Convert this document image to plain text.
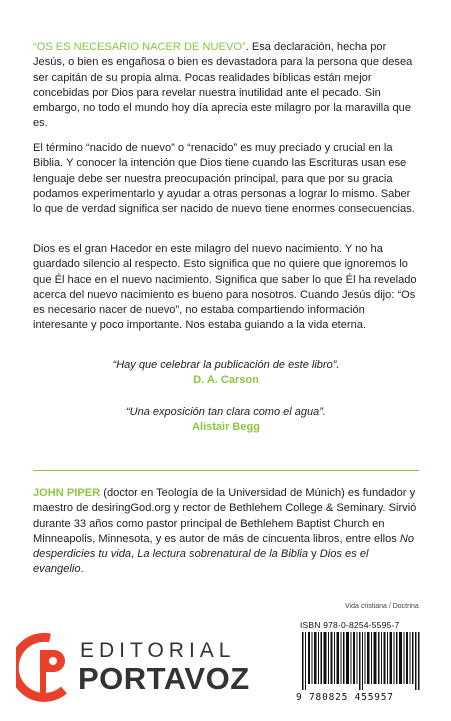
“OS ES NECESARIO NACER DE NUEVO”. Esa declaración, hecha por Jesús, o bien es engañosa o bien es devastadora para la persona que desea ser capitán de su propia alma. Pocas realidades bíblicas están mejor concebidas por Dios para revelar nuestra inutilidad ante el pecado. Sin embargo, no todo el mundo hoy día aprecia este milagro por la maravilla que es.

El término “nacido de nuevo” o “renacido” es muy preciado y crucial en la Biblia. Y conocer la intención que Dios tiene cuando las Escrituras usan ese lenguaje debe ser nuestra preocupación principal, para que por su gracia podamos experimentarlo y ayudar a otras personas a lograr lo mismo. Saber lo que de verdad significa ser nacido de nuevo tiene enormes consecuencias.

Dios es el gran Hacedor en este milagro del nuevo nacimiento. Y no ha guardado silencio al respecto. Esto significa que no quiere que ignoremos lo que Él hace en el nuevo nacimiento. Significa que saber lo que Él ha revelado acerca del nuevo nacimiento es bueno para nosotros. Cuando Jesús dijo: “Os es necesario nacer de nuevo”, no estaba compartiendo información interesante y poco importante. Nos estaba guiando a la vida eterna.

“Hay que celebrar la publicación de este libro”.
D. A. Carson
“Una exposición tan clara como el agua”.
Alistair Begg

JOHN PIPER (doctor en Teología de la Universidad de Múnich) es fundador y maestro de desiringGod.org y rector de Bethlehem College & Seminary. Sirvió durante 33 años como pastor principal de Bethlehem Baptist Church en Minneapolis, Minnesota, y es autor de más de cincuenta libros, entre ellos No desperdicies tu vida, La lectura sobrenatural de la Biblia y Dios es el evangelio.

Vida cristiana / Doctrina
ISBN 978-0-8254-5595-7
9 780825 455957
EDITORIAL
PORTAVOZ
